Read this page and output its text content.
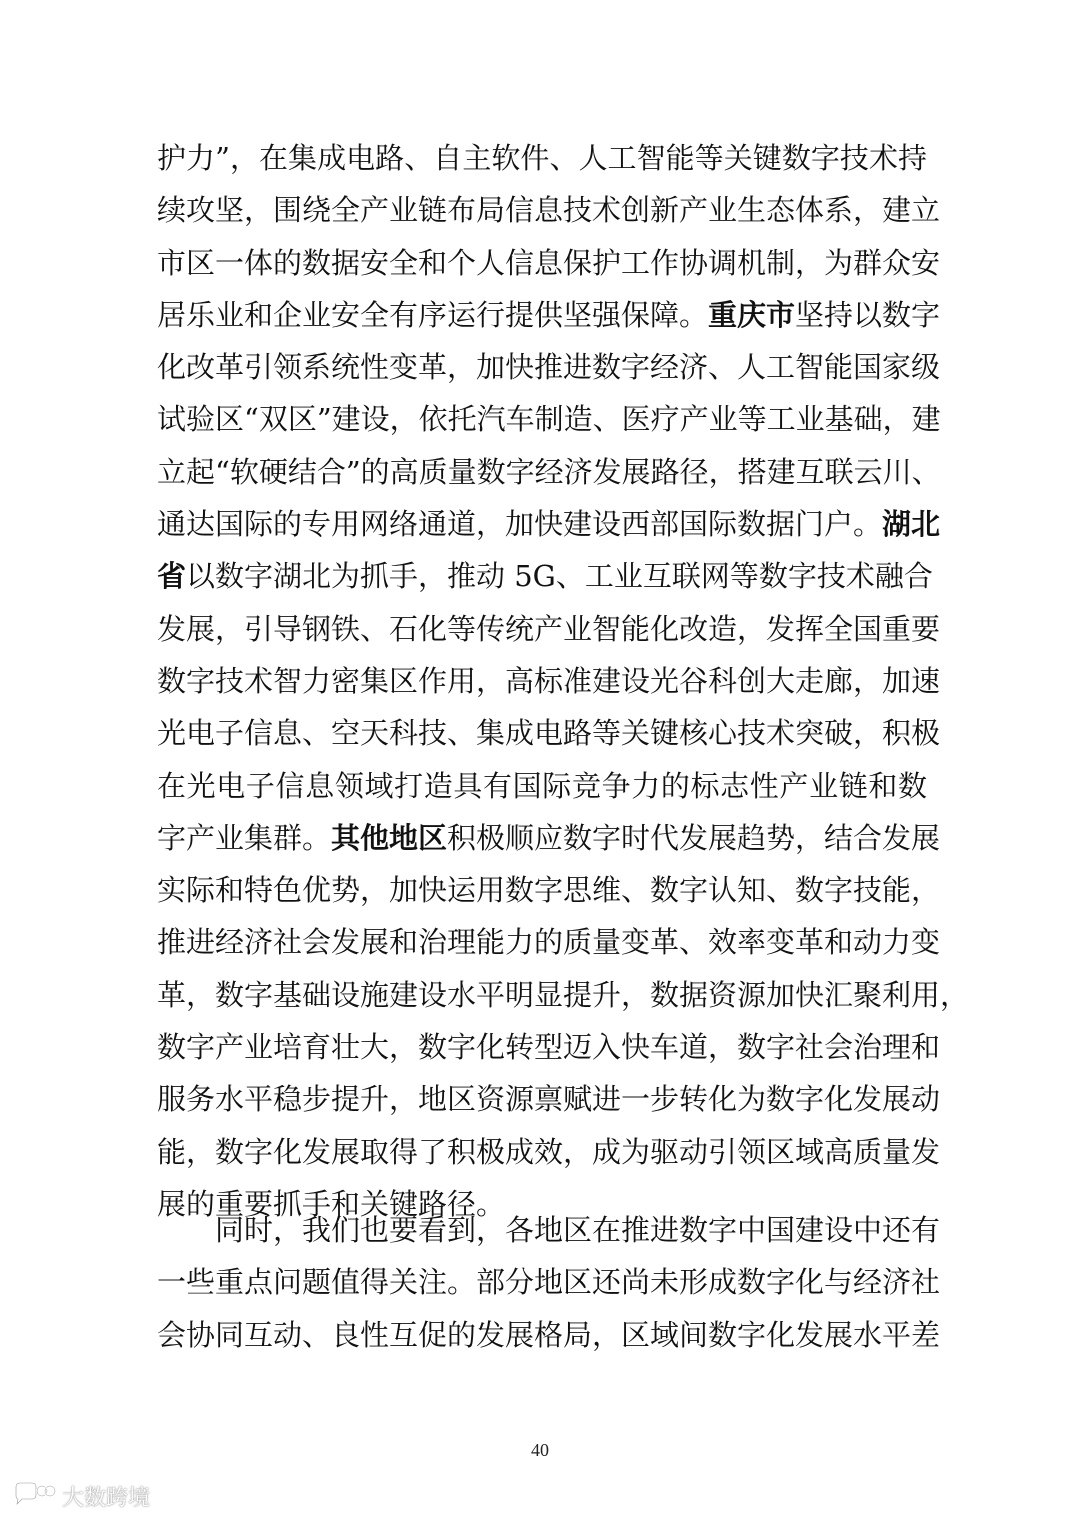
护力”，在集成电路、自主软件、人工智能等关键数字技术持
续攻坚，围绕全产业链布局信息技术创新产业生态体系，建立
市区一体的数据安全和个人信息保护工作协调机制，为群众安
居乐业和企业安全有序运行提供坚强保障。重庆市坚持以数字
化改革引领系统性变革，加快推进数字经济、人工智能国家级
试验区“双区”建设，依托汽车制造、医疗产业等工业基础，建
立起“软硬结合”的高质量数字经济发展路径，搭建互联云川、
通达国际的专用网络通道，加快建设西部国际数据门户。湖北
省以数字湖北为抓手，推动 5G、工业互联网等数字技术融合
发展，引导钢铁、石化等传统产业智能化改造，发挥全国重要
数字技术智力密集区作用，高标准建设光谷科创大走廊，加速
光电子信息、空天科技、集成电路等关键核心技术突破，积极
在光电子信息领域打造具有国际竞争力的标志性产业链和数
字产业集群。其他地区积极顺应数字时代发展趋势，结合发展
实际和特色优势，加快运用数字思维、数字认知、数字技能，
推进经济社会发展和治理能力的质量变革、效率变革和动力变
革，数字基础设施建设水平明显提升，数据资源加快汇聚利用，
数字产业培育壮大，数字化转型迈入快车道，数字社会治理和
服务水平稳步提升，地区资源禀赋进一步转化为数字化发展动
能，数字化发展取得了积极成效，成为驱动引领区域高质量发
展的重要抓手和关键路径。
同时，我们也要看到，各地区在推进数字中国建设中还有
一些重点问题值得关注。部分地区还尚未形成数字化与经济社
会协同互动、良性互促的发展格局，区域间数字化发展水平差
40
大数跨境
